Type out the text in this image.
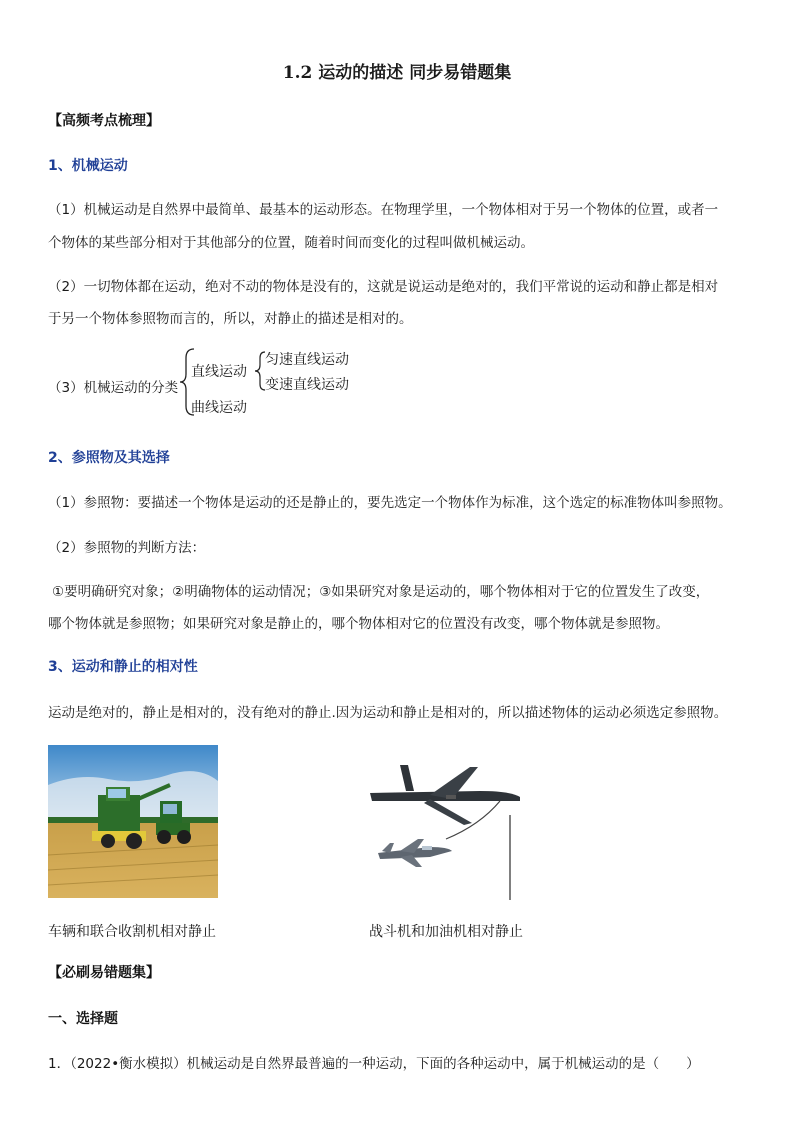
1.2 运动的描述 同步易错题集
【高频考点梳理】
1、机械运动
（1）机械运动是自然界中最简单、最基本的运动形态。在物理学里，一个物体相对于另一个物体的位置，或者一
个物体的某些部分相对于其他部分的位置，随着时间而变化的过程叫做机械运动。
（2）一切物体都在运动，绝对不动的物体是没有的，这就是说运动是绝对的，我们平常说的运动和静止都是相对
于另一个物体参照物而言的，所以，对静止的描述是相对的。
（3）机械运动的分类
直线运动
匀速直线运动
变速直线运动
曲线运动
2、参照物及其选择
（1）参照物：要描述一个物体是运动的还是静止的，要先选定一个物体作为标准，这个选定的标准物体叫参照物。
（2）参照物的判断方法：
①要明确研究对象；②明确物体的运动情况；③如果研究对象是运动的，哪个物体相对于它的位置发生了改变，
哪个物体就是参照物；如果研究对象是静止的，哪个物体相对它的位置没有改变，哪个物体就是参照物。
3、运动和静止的相对性
运动是绝对的，静止是相对的，没有绝对的静止.因为运动和静止是相对的，所以描述物体的运动必须选定参照物。
车辆和联合收割机相对静止	战斗机和加油机相对静止
【必刷易错题集】
一、选择题
1．（2022•衡水模拟）机械运动是自然界最普遍的一种运动，下面的各种运动中，属于机械运动的是（　　）
